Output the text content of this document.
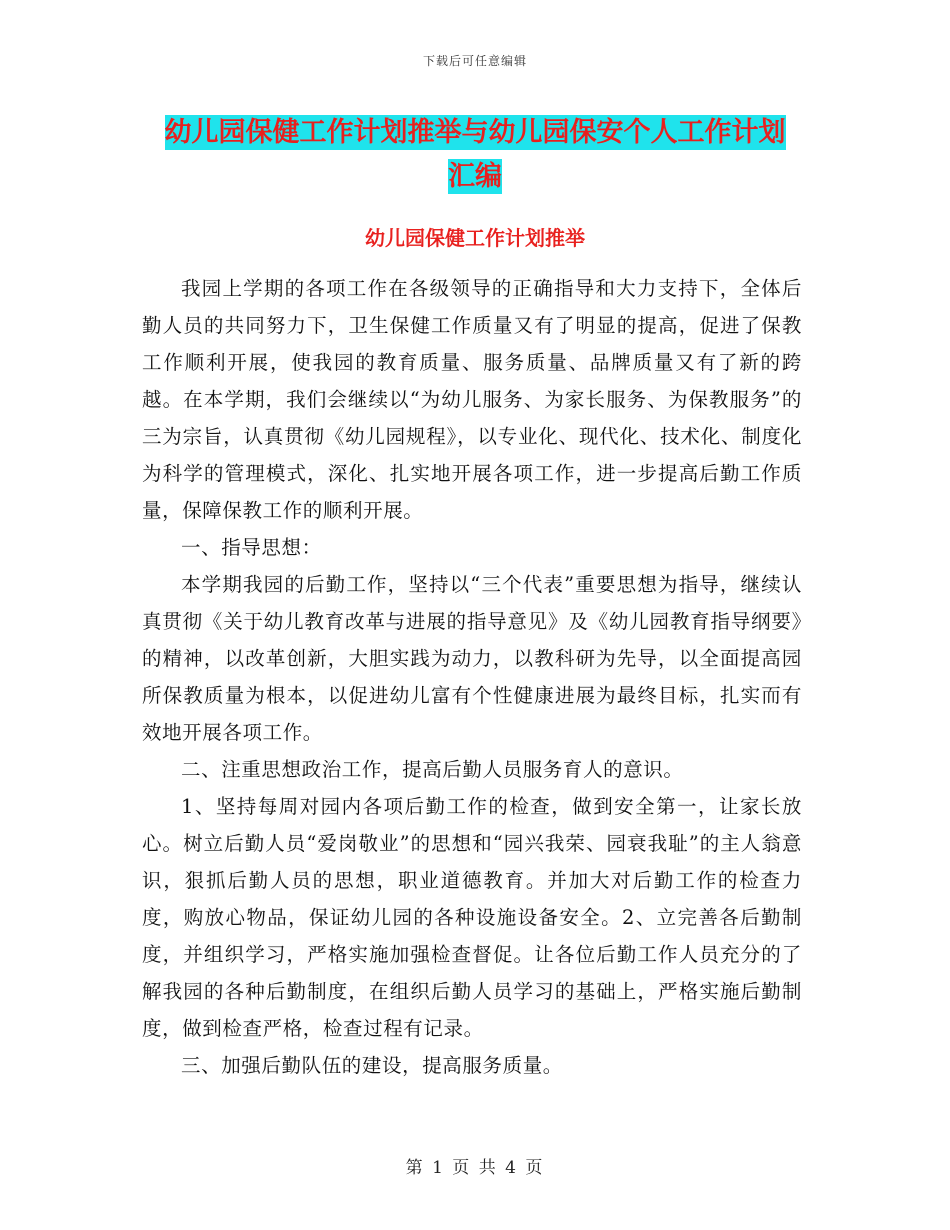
下载后可任意编辑
幼儿园保健工作计划推举与幼儿园保安个人工作计划
汇编
幼儿园保健工作计划推举

我园上学期的各项工作在各级领导的正确指导和大力支持下，全体后勤人员的共同努力下，卫生保健工作质量又有了明显的提高，促进了保教工作顺利开展，使我园的教育质量、服务质量、品牌质量又有了新的跨越。在本学期，我们会继续以“为幼儿服务、为家长服务、为保教服务”的三为宗旨，认真贯彻《幼儿园规程》，以专业化、现代化、技术化、制度化为科学的管理模式，深化、扎实地开展各项工作，进一步提高后勤工作质量，保障保教工作的顺利开展。

一、指导思想：

本学期我园的后勤工作，坚持以“三个代表”重要思想为指导，继续认真贯彻《关于幼儿教育改革与进展的指导意见》及《幼儿园教育指导纲要》的精神，以改革创新，大胆实践为动力，以教科研为先导，以全面提高园所保教质量为根本，以促进幼儿富有个性健康进展为最终目标，扎实而有效地开展各项工作。

二、注重思想政治工作，提高后勤人员服务育人的意识。

1、坚持每周对园内各项后勤工作的检查，做到安全第一，让家长放心。树立后勤人员“爱岗敬业”的思想和“园兴我荣、园衰我耻”的主人翁意识，狠抓后勤人员的思想，职业道德教育。并加大对后勤工作的检查力度，购放心物品，保证幼儿园的各种设施设备安全。2、立完善各后勤制度，并组织学习，严格实施加强检查督促。让各位后勤工作人员充分的了解我园的各种后勤制度，在组织后勤人员学习的基础上，严格实施后勤制度，做到检查严格，检查过程有记录。

三、加强后勤队伍的建设，提高服务质量。

第 1 页 共 4 页
